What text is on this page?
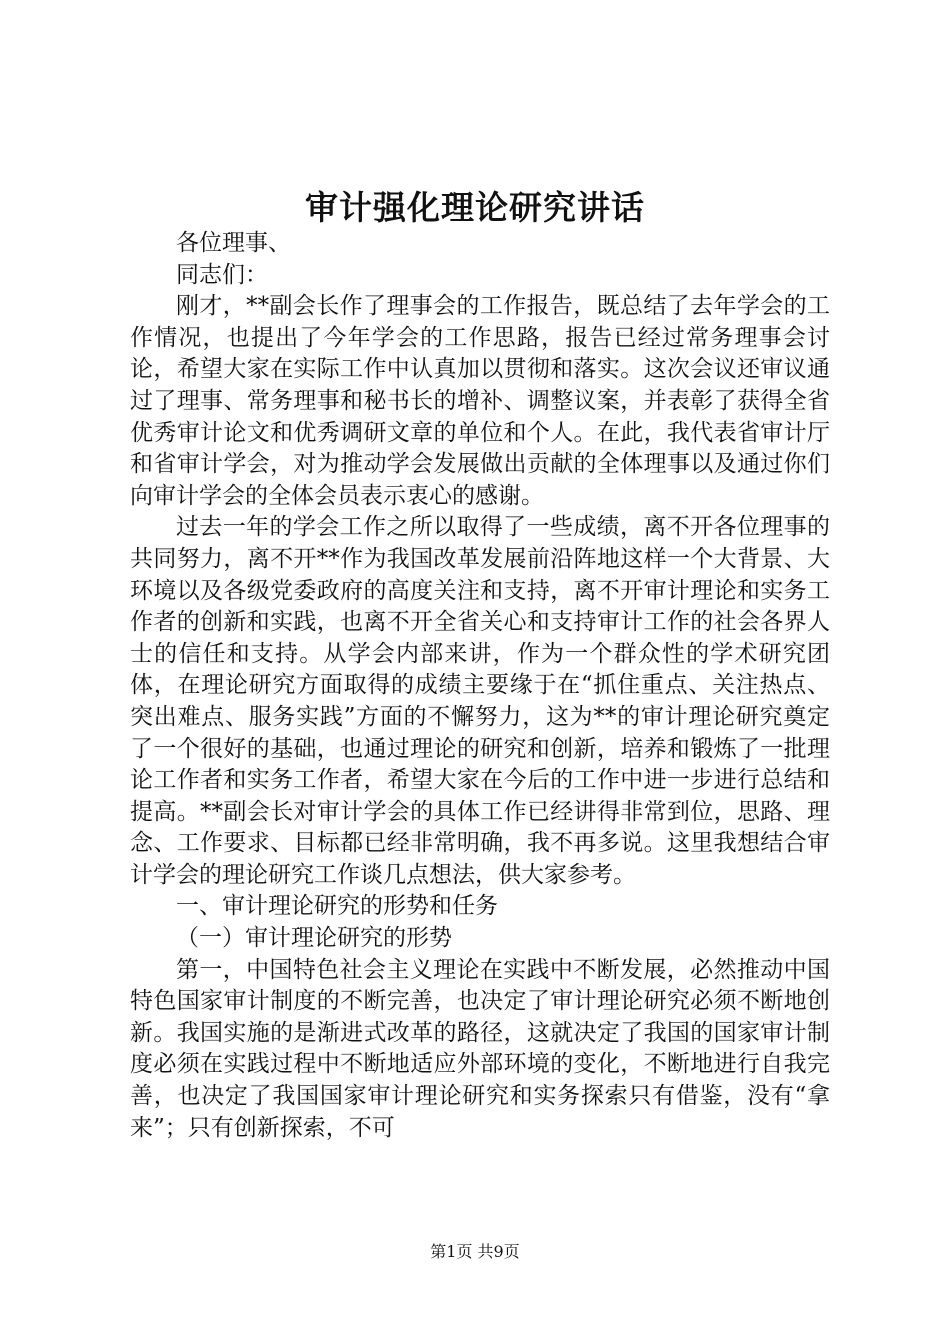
审计强化理论研究讲话

各位理事、

同志们：

刚才，**副会长作了理事会的工作报告，既总结了去年学会的工作情况，也提出了今年学会的工作思路，报告已经过常务理事会讨论，希望大家在实际工作中认真加以贯彻和落实。这次会议还审议通过了理事、常务理事和秘书长的增补、调整议案，并表彰了获得全省优秀审计论文和优秀调研文章的单位和个人。在此，我代表省审计厅和省审计学会，对为推动学会发展做出贡献的全体理事以及通过你们向审计学会的全体会员表示衷心的感谢。

过去一年的学会工作之所以取得了一些成绩，离不开各位理事的共同努力，离不开**作为我国改革发展前沿阵地这样一个大背景、大环境以及各级党委政府的高度关注和支持，离不开审计理论和实务工作者的创新和实践，也离不开全省关心和支持审计工作的社会各界人士的信任和支持。从学会内部来讲，作为一个群众性的学术研究团体，在理论研究方面取得的成绩主要缘于在“抓住重点、关注热点、突出难点、服务实践”方面的不懈努力，这为**的审计理论研究奠定了一个很好的基础，也通过理论的研究和创新，培养和锻炼了一批理论工作者和实务工作者，希望大家在今后的工作中进一步进行总结和提高。**副会长对审计学会的具体工作已经讲得非常到位，思路、理念、工作要求、目标都已经非常明确，我不再多说。这里我想结合审计学会的理论研究工作谈几点想法，供大家参考。

一、审计理论研究的形势和任务

（一）审计理论研究的形势

第一，中国特色社会主义理论在实践中不断发展，必然推动中国特色国家审计制度的不断完善，也决定了审计理论研究必须不断地创新。我国实施的是渐进式改革的路径，这就决定了我国的国家审计制度必须在实践过程中不断地适应外部环境的变化，不断地进行自我完善，也决定了我国国家审计理论研究和实务探索只有借鉴，没有“拿来”；只有创新探索，不可

第1页 共9页
